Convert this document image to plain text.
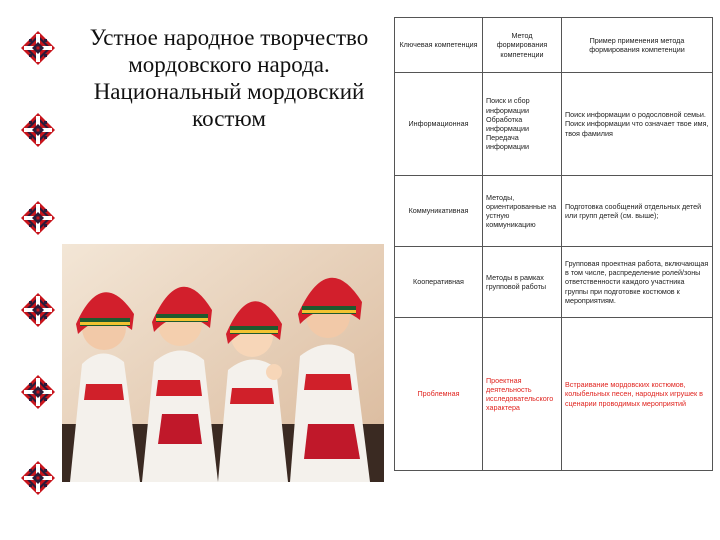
Устное народное творчество
мордовского народа.
Национальный мордовский
костюм
Ключевая компетенция	Метод формирования компетенции	Пример применения метода формирования компетенции
Информационная	Поиск и сбор информации Обработка информации Передача информации	Поиск информации о родословной семьи. Поиск информации что означает твое имя, твоя фамилия
Коммуникативная	Методы, ориентированные на устную коммуникацию	Подготовка сообщений отдельных детей или групп детей (см. выше);
Кооперативная	Методы в рамках групповой работы	Групповая проектная работа, включающая в том числе, распределение ролей/зоны ответственности каждого участника группы при подготовке костюмов к мероприятиям.
Проблемная	Проектная деятельность исследовательского характера	Встраивание мордовских костюмов, колыбельных песен, народных игрушек в сценарии проводимых мероприятий
